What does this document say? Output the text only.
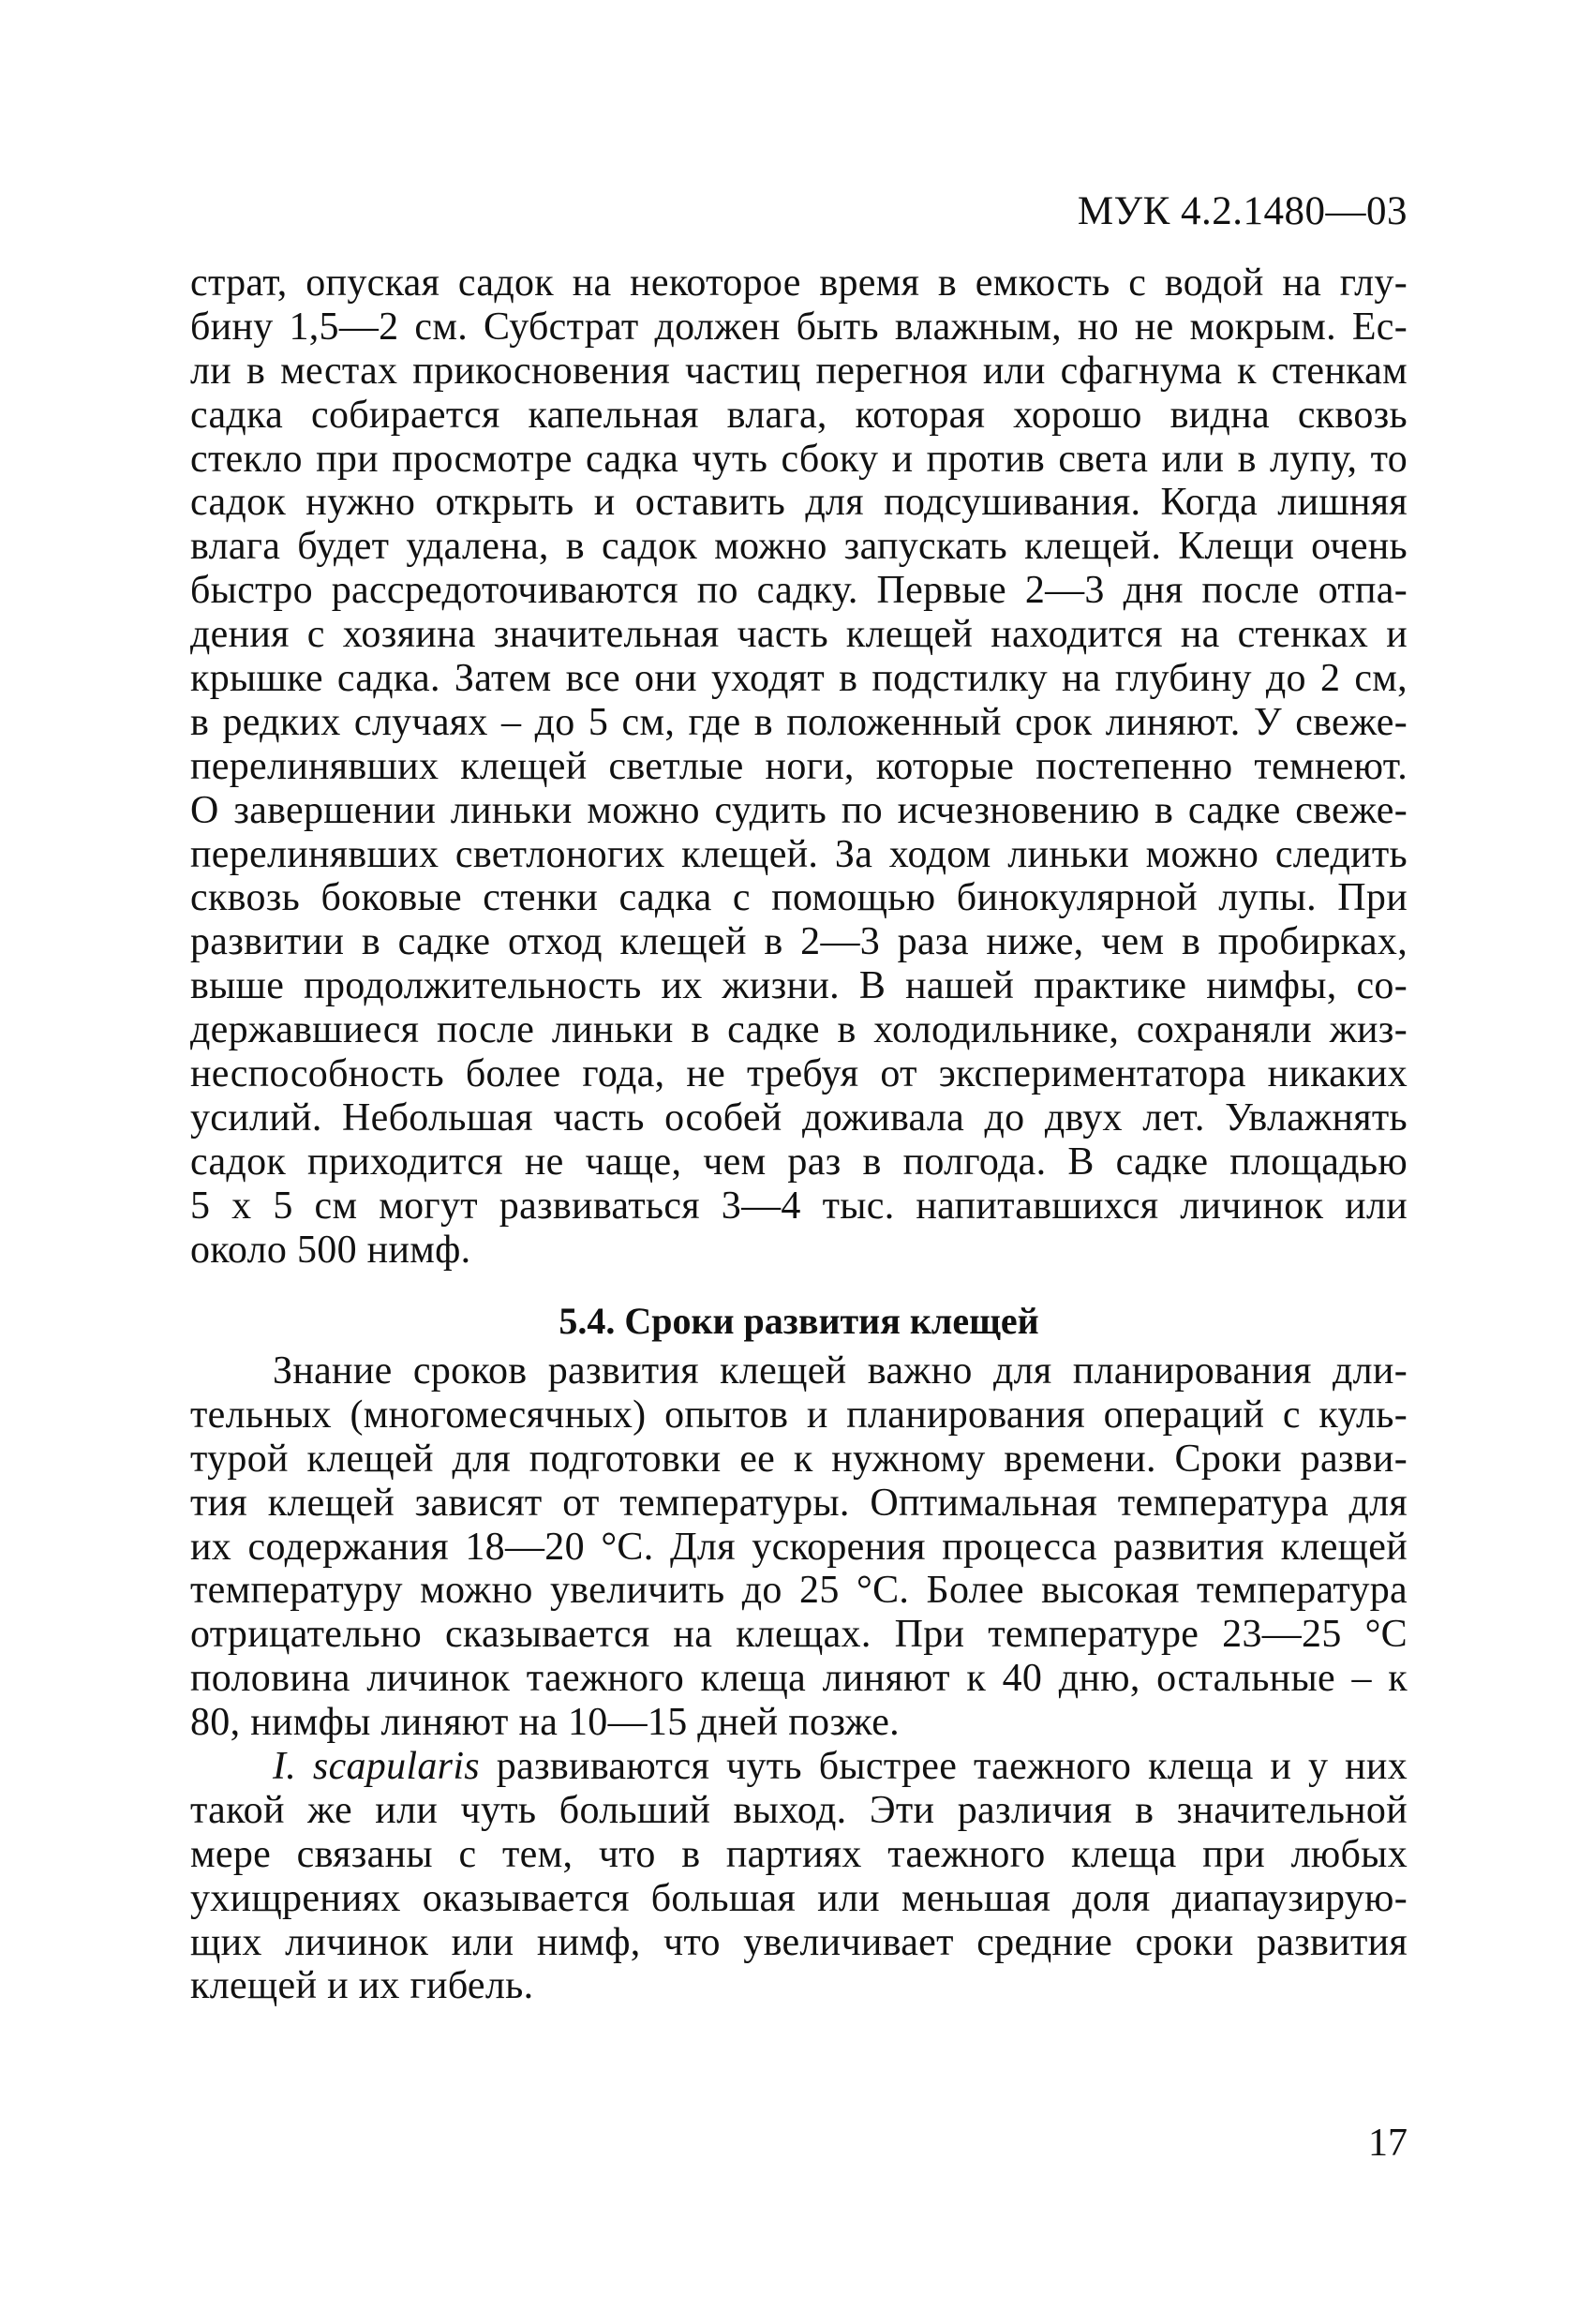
МУК 4.2.1480—03
страт, опуская садок на некоторое время в емкость с водой на глу-
бину 1,5—2 см. Субстрат должен быть влажным, но не мокрым. Ес-
ли в местах прикосновения частиц перегноя или сфагнума к стенкам
садка собирается капельная влага, которая хорошо видна сквозь
стекло при просмотре садка чуть сбоку и против света или в лупу, то
садок нужно открыть и оставить для подсушивания. Когда лишняя
влага будет удалена, в садок можно запускать клещей. Клещи очень
быстро рассредоточиваются по садку. Первые 2—3 дня после отпа-
дения с хозяина значительная часть клещей находится на стенках и
крышке садка. Затем все они уходят в подстилку на глубину до 2 см,
в редких случаях – до 5 см, где в положенный срок линяют. У свеже-
перелинявших клещей светлые ноги, которые постепенно темнеют.
О завершении линьки можно судить по исчезновению в садке свеже-
перелинявших светлоногих клещей. За ходом линьки можно следить
сквозь боковые стенки садка с помощью бинокулярной лупы. При
развитии в садке отход клещей в 2—3 раза ниже, чем в пробирках,
выше продолжительность их жизни. В нашей практике нимфы, со-
державшиеся после линьки в садке в холодильнике, сохраняли жиз-
неспособность более года, не требуя от экспериментатора никаких
усилий. Небольшая часть особей доживала до двух лет. Увлажнять
садок приходится не чаще, чем раз в полгода. В садке площадью
5 х 5 см могут развиваться 3—4 тыс. напитавшихся личинок или
около 500 нимф.
5.4. Сроки развития клещей
Знание сроков развития клещей важно для планирования дли-
тельных (многомесячных) опытов и планирования операций с куль-
турой клещей для подготовки ее к нужному времени. Сроки разви-
тия клещей зависят от температуры. Оптимальная температура для
их содержания 18—20 °С. Для ускорения процесса развития клещей
температуру можно увеличить до 25 °С. Более высокая температура
отрицательно сказывается на клещах. При температуре 23—25 °С
половина личинок таежного клеща линяют к 40 дню, остальные – к
80, нимфы линяют на 10—15 дней позже.
I. scapularis развиваются чуть быстрее таежного клеща и у них
такой же или чуть больший выход. Эти различия в значительной
мере связаны с тем, что в партиях таежного клеща при любых
ухищрениях оказывается большая или меньшая доля диапаузирую-
щих личинок или нимф, что увеличивает средние сроки развития
клещей и их гибель.
17
